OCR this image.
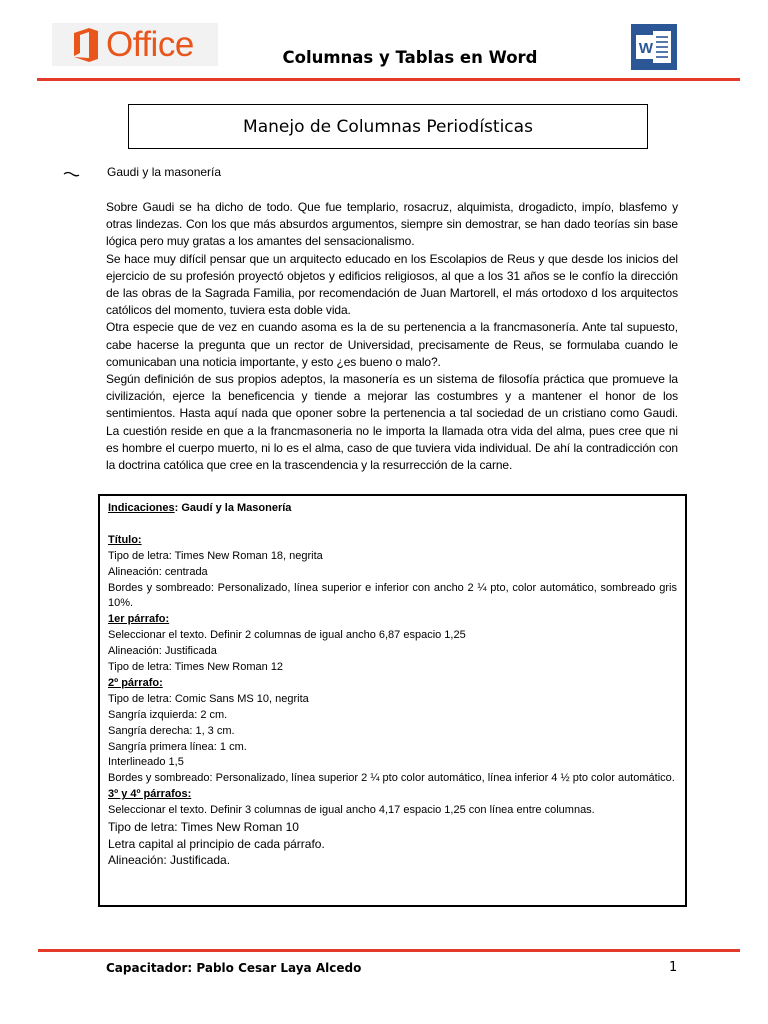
Office	Columnas y Tablas en Word	W
Manejo de Columnas Periodísticas
Gaudi y la masonería

Sobre Gaudi se ha dicho de todo. Que fue templario, rosacruz, alquimista, drogadicto, impío, blasfemo y otras lindezas. Con los que más absurdos argumentos, siempre sin demostrar, se han dado teorías sin base lógica pero muy gratas a los amantes del sensacionalismo.

Se hace muy difícil pensar que un arquitecto educado en los Escolapios de Reus y que desde los inicios del ejercicio de su profesión proyectó objetos y edificios religiosos, al que a los 31 años se le confío la dirección de las obras de la Sagrada Familia, por recomendación de Juan Martorell, el más ortodoxo d los arquitectos católicos del momento, tuviera esta doble vida.

Otra especie que de vez en cuando asoma es la de su pertenencia a la francmasonería. Ante tal supuesto, cabe hacerse la pregunta que un rector de Universidad, precisamente de Reus, se formulaba cuando le comunicaban una noticia importante, y esto ¿es bueno o malo?.

Según definición de sus propios adeptos, la masonería es un sistema de filosofía práctica que promueve la civilización, ejerce la beneficencia y tiende a mejorar las costumbres y a mantener el honor de los sentimientos. Hasta aquí nada que oponer sobre la pertenencia a tal sociedad de un cristiano como Gaudi. La cuestión reside en que a la francmasoneria no le importa la llamada otra vida del alma, pues cree que ni es hombre el cuerpo muerto, ni lo es el alma, caso de que tuviera vida individual. De ahí la contradicción con la doctrina católica que cree en la trascendencia y la resurrección de la carne.

Indicaciones: Gaudí y la Masonería

Título:

Tipo de letra: Times New Roman 18, negrita

Alineación: centrada

Bordes y sombreado: Personalizado, línea superior e inferior con ancho 2 ¼ pto, color automático, sombreado gris 10%.

1er párrafo:

Seleccionar el texto. Definir 2 columnas de igual ancho 6,87 espacio 1,25

Alineación: Justificada

Tipo de letra: Times New Roman 12

2º párrafo:

Tipo de letra: Comic Sans MS 10, negrita

Sangría izquierda: 2 cm.

Sangría derecha: 1, 3 cm.

Sangría primera línea: 1 cm.

Interlineado 1,5

Bordes y sombreado: Personalizado, línea superior 2 ¼ pto color automático, línea inferior 4 ½ pto color automático.

3º y 4º párrafos:

Seleccionar el texto. Definir 3 columnas de igual ancho 4,17 espacio 1,25 con línea entre columnas.

Tipo de letra: Times New Roman 10

Letra capital al principio de cada párrafo.

Alineación: Justificada.

Capacitador: Pablo Cesar Laya Alcedo	1
